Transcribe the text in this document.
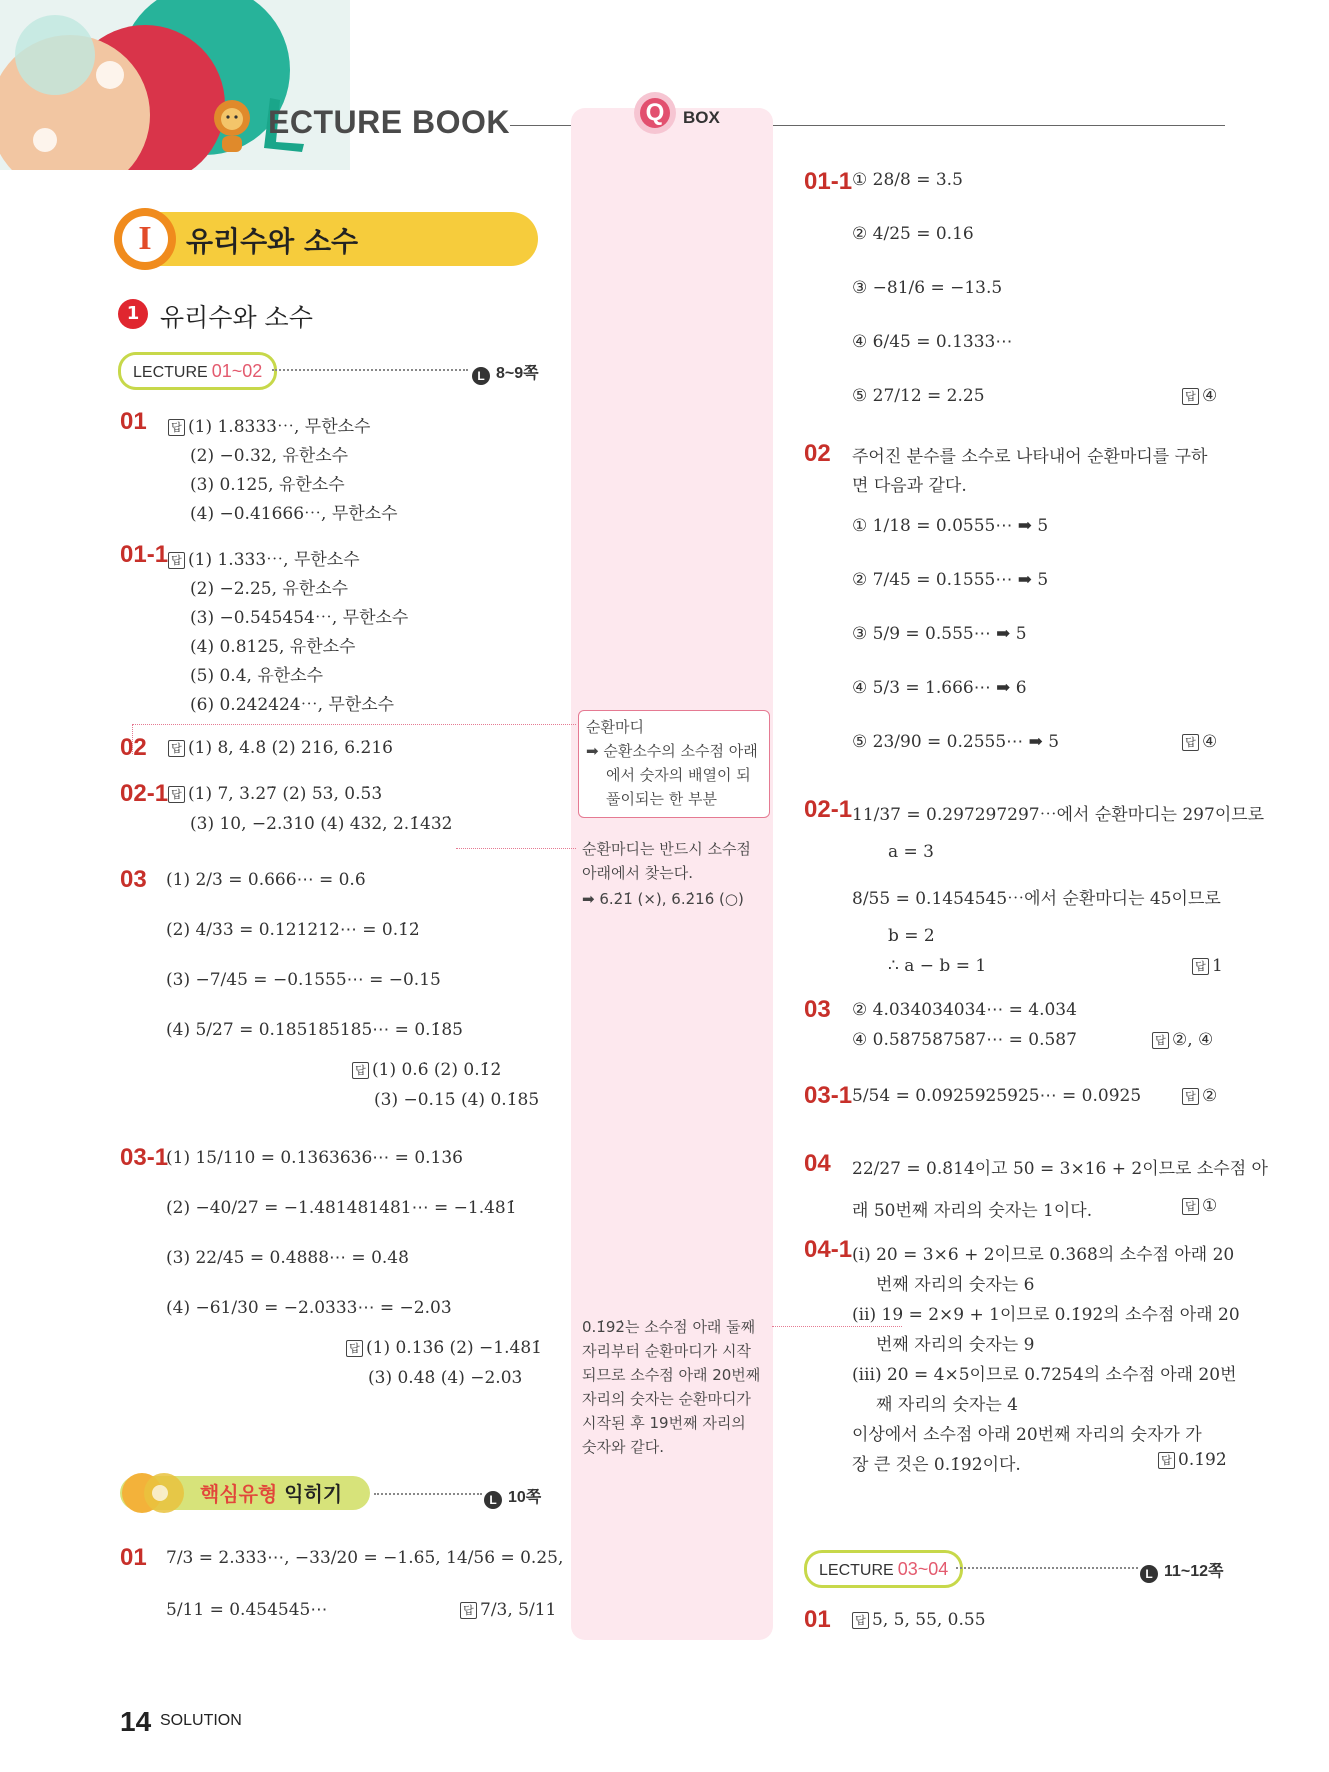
ECTURE BOOK	Q	BOX
I	유리수와 소수
1 유리수와 소수
LECTURE 01~02	L 8~9쪽
01 답 (1) 1.8333⋯, 무한소수
(2) −0.32, 유한소수
(3) 0.125, 유한소수
(4) −0.41666⋯, 무한소수
01-1 답 (1) 1.333⋯, 무한소수
(2) −2.25, 유한소수
(3) −0.545454⋯, 무한소수
(4) 0.8125, 유한소수
(5) 0.4, 유한소수
(6) 0.242424⋯, 무한소수
02 답 (1) 8, 4.8̇ (2) 216, 6.2̇16̇
02-1 답 (1) 7, 3.27̇ (2) 53, 0.5̇3̇
(3) 10, −2.3̇10̇ (4) 432, 2.1̇432̇
03 (1) 2/3 = 0.666⋯ = 0.6̇
(2) 4/33 = 0.121212⋯ = 0.1̇2̇
(3) −7/45 = −0.1555⋯ = −0.15̇
(4) 5/27 = 0.185185185⋯ = 0.1̇85̇
답 (1) 0.6̇ (2) 0.1̇2̇
(3) −0.15̇ (4) 0.1̇85̇
03-1
(1) 15/110 = 0.1363636⋯ = 0.13̇6̇
(2) −40/27 = −1.481481481⋯ = −1.4̇81̇
(3) 22/45 = 0.4888⋯ = 0.48̇
(4) −61/30 = −2.0333⋯ = −2.03̇
답 (1) 0.13̇6̇ (2) −1.4̇81̇
(3) 0.48̇ (4) −2.03̇
핵심유형 익히기	L 10쪽
01 7/3 = 2.333⋯, −33/20 = −1.65, 14/56 = 0.25,
5/11 = 0.454545⋯	답 7/3, 5/11
순환마디
➡ 순환소수의 소수점 아래
에서 숫자의 배열이 되
풀이되는 한 부분
순환마디는 반드시 소수점
아래에서 찾는다.
➡ 6.2̇1̇ (×), 6.2̇16̇ (○)
0.1̇92̇는 소수점 아래 둘째
자리부터 순환마디가 시작
되므로 소수점 아래 20번째
자리의 숫자는 순환마디가
시작된 후 19번째 자리의
숫자와 같다.
01-1 ① 28/8 = 3.5
② 4/25 = 0.16
③ −81/6 = −13.5
④ 6/45 = 0.1333⋯
⑤ 27/12 = 2.25	답 ④
02 주어진 분수를 소수로 나타내어 순환마디를 구하
면 다음과 같다.
① 1/18 = 0.0555⋯ ➡ 5
② 7/45 = 0.1555⋯ ➡ 5
③ 5/9 = 0.555⋯ ➡ 5
④ 5/3 = 1.666⋯ ➡ 6
⑤ 23/90 = 0.2555⋯ ➡ 5	답 ④
02-1 11/37 = 0.297297297⋯에서 순환마디는 297이므로
a = 3
8/55 = 0.1454545⋯에서 순환마디는 45이므로
b = 2
∴ a − b = 1	답 1
03 ② 4.034034034⋯ = 4.0̇34̇
④ 0.587587587⋯ = 0.5̇87̇	답 ②, ④
03-1 5/54 = 0.0925925925⋯ = 0.09̇25̇	답 ②
04 22/27 = 0.8̇14̇이고 50 = 3×16 + 2이므로 소수점 아
래 50번째 자리의 숫자는 1이다.	답 ①
04-1 (ⅰ) 20 = 3×6 + 2이므로 0.3̇68̇의 소수점 아래 20
번째 자리의 숫자는 6
(ⅱ) 19 = 2×9 + 1이므로 0.1̇92̇의 소수점 아래 20
번째 자리의 숫자는 9
(ⅲ) 20 = 4×5이므로 0.7̇254̇의 소수점 아래 20번
째 자리의 숫자는 4
이상에서 소수점 아래 20번째 자리의 숫자가 가
장 큰 것은 0.1̇92̇이다.	답 0.1̇92̇
LECTURE 03~04	L 11~12쪽
01 답 5, 5, 55, 0.55
14 SOLUTION
